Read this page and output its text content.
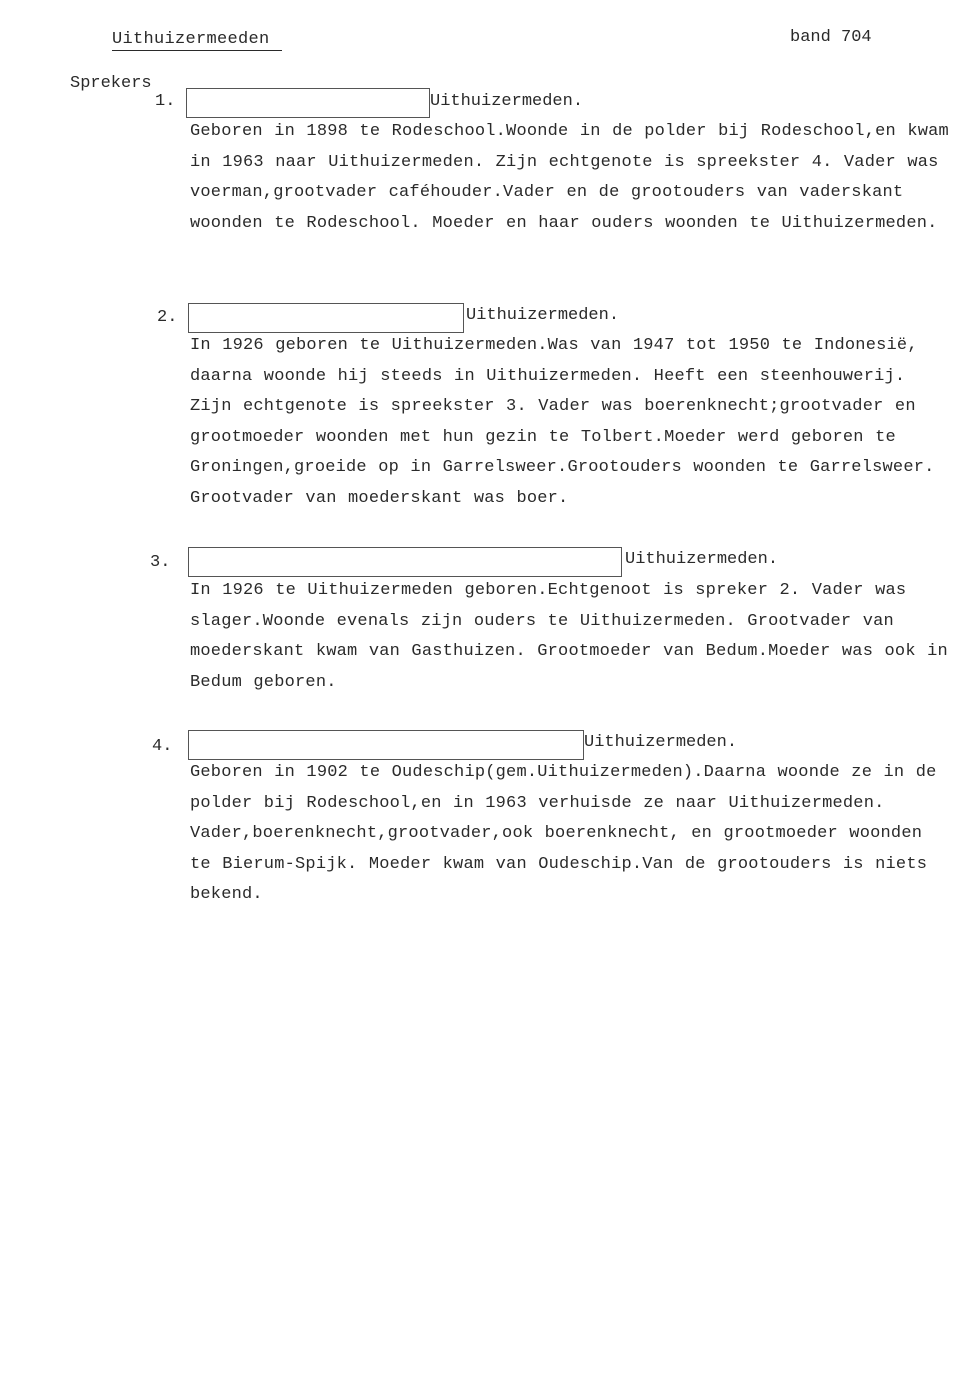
Uithuizermeeden	band 704
Sprekers
1.	Uithuizermeden.
Geboren in 1898 te Rodeschool.Woonde in de polder bij Rodeschool,en kwam in 1963 naar Uithuizermeden. Zijn echtgenote is spreekster 4. Vader was voerman,grootvader caféhouder.Vader en de grootouders van vaderskant woonden te Rodeschool. Moeder en haar ouders woonden te Uithuizermeden.
2.	Uithuizermeden.
In 1926 geboren te Uithuizermeden.Was van 1947 tot 1950 te Indonesië, daarna woonde hij steeds in Uithuizermeden. Heeft een steenhouwerij. Zijn echtgenote is spreekster 3. Vader was boerenknecht;grootvader en grootmoeder woonden met hun gezin te Tolbert.Moeder werd geboren te Groningen,groeide op in Garrelsweer.Grootouders woonden te Garrelsweer. Grootvader van moederskant was boer.
3.	Uithuizermeden.
In 1926 te Uithuizermeden geboren.Echtgenoot is spreker 2. Vader was slager.Woonde evenals zijn ouders te Uithuizermeden. Grootvader van moederskant kwam van Gasthuizen. Grootmoeder van Bedum.Moeder was ook in Bedum geboren.
4.	Uithuizermeden.
Geboren in 1902 te Oudeschip(gem.Uithuizermeden).Daarna woonde ze in de polder bij Rodeschool,en in 1963 verhuisde ze naar Uithuizermeden. Vader,boerenknecht,grootvader,ook boerenknecht, en grootmoeder woonden te Bierum-Spijk. Moeder kwam van Oudeschip.Van de grootouders is niets bekend.
